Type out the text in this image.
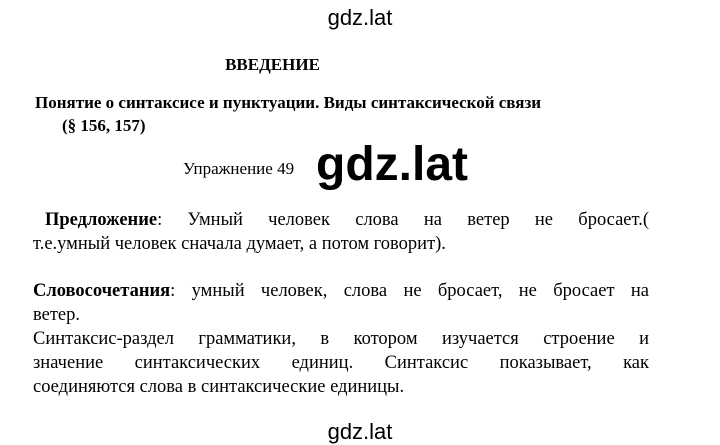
gdz.lat
ВВЕДЕНИЕ
Понятие о синтаксисе и пунктуации. Виды синтаксической связи
(§ 156, 157)
Упражнение 49 gdz.lat
Предложение: Умный человек слова на ветер не бросает.(
т.е.умный человек сначала думает, а потом говорит).
Словосочетания: умный человек, слова не бросает, не бросает на
ветер.
Синтаксис-раздел грамматики, в котором изучается строение и
значение синтаксических единиц. Синтаксис показывает, как
соединяются слова в синтаксические единицы.
gdz.lat
